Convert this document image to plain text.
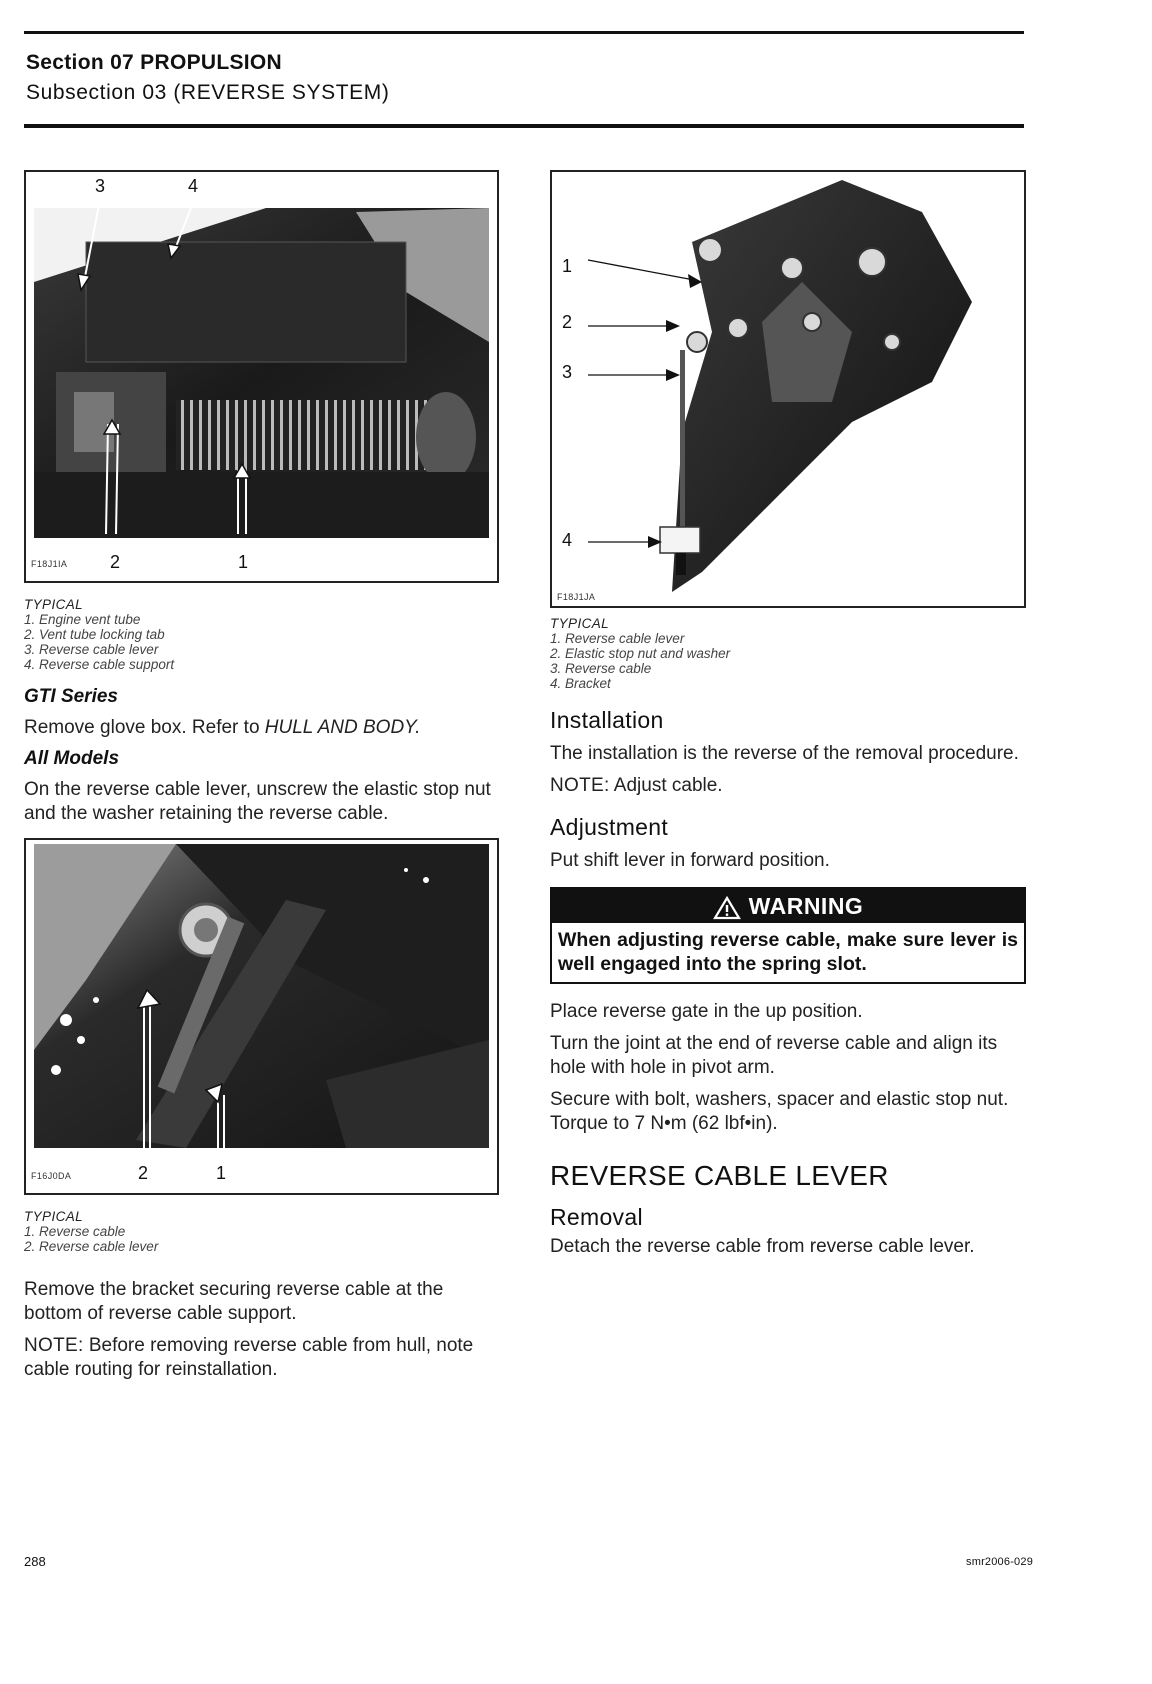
Section 07 PROPULSION
Subsection 03 (REVERSE SYSTEM)
3	4
F18J1IA 2	1
TYPICAL
1. Engine vent tube
2. Vent tube locking tab
3. Reverse cable lever
4. Reverse cable support
GTI Series
Remove glove box. Refer to HULL AND BODY.
All Models
On the reverse cable lever, unscrew the elastic stop nut and the washer retaining the reverse cable.
F16J0DA	2	1
TYPICAL
1. Reverse cable
2. Reverse cable lever
Remove the bracket securing reverse cable at the bottom of reverse cable support.
NOTE: Before removing reverse cable from hull, note cable routing for reinstallation.
1
2
3
4
F18J1JA
TYPICAL
1. Reverse cable lever
2. Elastic stop nut and washer
3. Reverse cable
4. Bracket
Installation
The installation is the reverse of the removal procedure.
NOTE: Adjust cable.
Adjustment
Put shift lever in forward position.
WARNING
When adjusting reverse cable, make sure lever is well engaged into the spring slot.
Place reverse gate in the up position.
Turn the joint at the end of reverse cable and align its hole with hole in pivot arm.
Secure with bolt, washers, spacer and elastic stop nut. Torque to 7 N•m (62 lbf•in).
REVERSE CABLE LEVER
Removal
Detach the reverse cable from reverse cable lever.
288	smr2006-029
